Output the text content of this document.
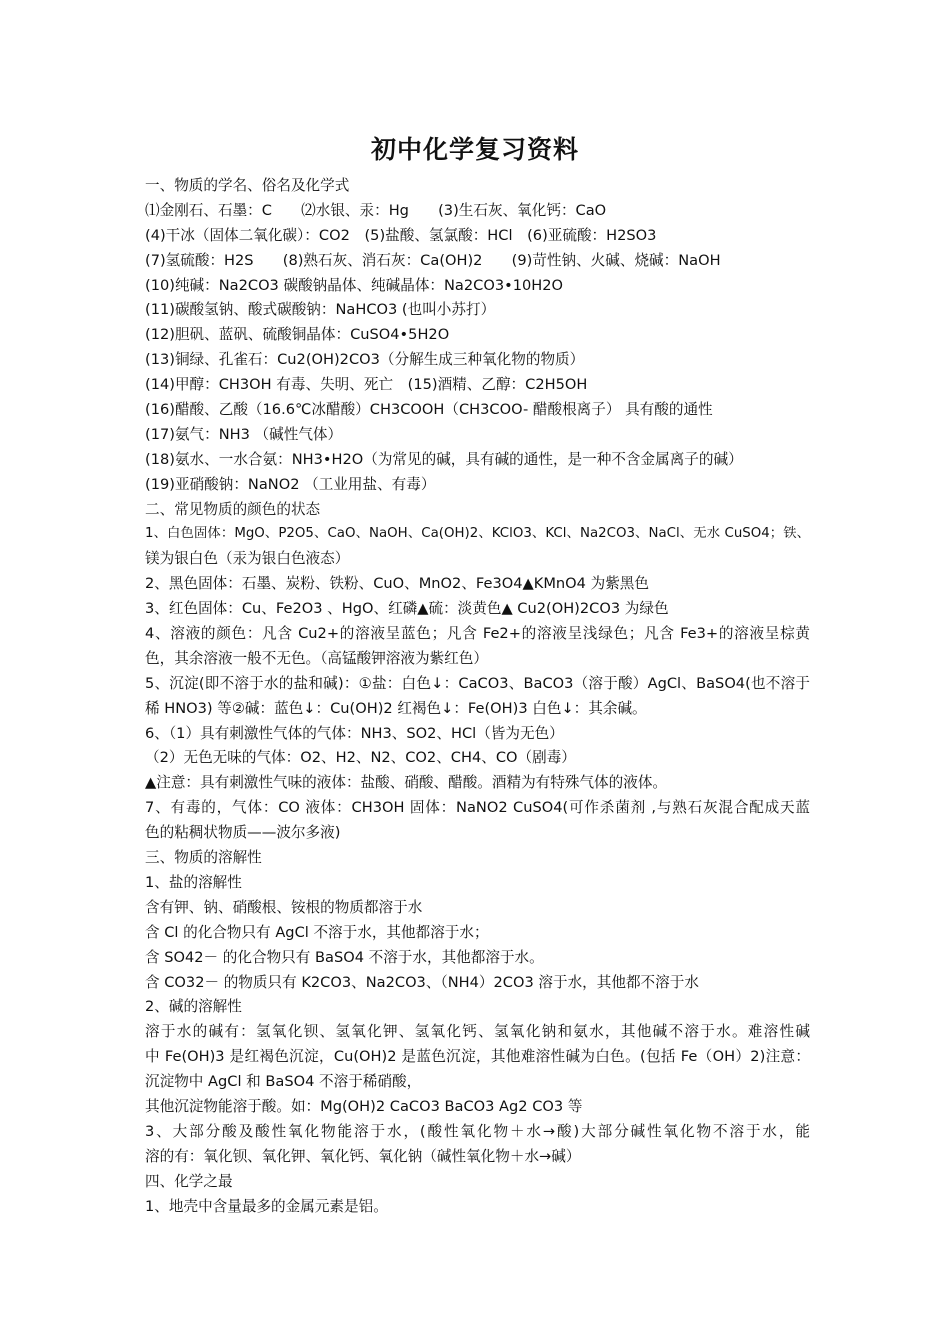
初中化学复习资料
一、物质的学名、俗名及化学式
⑴金刚石、石墨：C　　⑵水银、汞：Hg　　(3)生石灰、氧化钙：CaO
(4)干冰（固体二氧化碳）：CO2　(5)盐酸、氢氯酸：HCl　(6)亚硫酸：H2SO3
(7)氢硫酸：H2S　　(8)熟石灰、消石灰：Ca(OH)2　　(9)苛性钠、火碱、烧碱：NaOH
(10)纯碱：Na2CO3 碳酸钠晶体、纯碱晶体：Na2CO3•10H2O
(11)碳酸氢钠、酸式碳酸钠：NaHCO3 (也叫小苏打）
(12)胆矾、蓝矾、硫酸铜晶体：CuSO4•5H2O
(13)铜绿、孔雀石：Cu2(OH)2CO3（分解生成三种氧化物的物质）
(14)甲醇：CH3OH 有毒、失明、死亡　(15)酒精、乙醇：C2H5OH
(16)醋酸、乙酸（16.6℃冰醋酸）CH3COOH（CH3COO- 醋酸根离子） 具有酸的通性
(17)氨气：NH3 （碱性气体）
(18)氨水、一水合氨：NH3•H2O（为常见的碱，具有碱的通性，是一种不含金属离子的碱）
(19)亚硝酸钠：NaNO2 （工业用盐、有毒）
二、常见物质的颜色的状态
1、白色固体：MgO、P2O5、CaO、NaOH、Ca(OH)2、KClO3、KCl、Na2CO3、NaCl、无水 CuSO4；铁、
镁为银白色（汞为银白色液态）
2、黑色固体：石墨、炭粉、铁粉、CuO、MnO2、Fe3O4▲KMnO4 为紫黑色
3、红色固体：Cu、Fe2O3 、HgO、红磷▲硫：淡黄色▲ Cu2(OH)2CO3 为绿色
4、溶液的颜色：凡含 Cu2+的溶液呈蓝色；凡含 Fe2+的溶液呈浅绿色；凡含 Fe3+的溶液呈棕黄
色，其余溶液一般不无色。（高锰酸钾溶液为紫红色）
5、沉淀(即不溶于水的盐和碱)：①盐：白色↓：CaCO3、BaCO3（溶于酸）AgCl、BaSO4(也不溶于
稀 HNO3) 等②碱：蓝色↓：Cu(OH)2 红褐色↓：Fe(OH)3 白色↓：其余碱。
6、（1）具有刺激性气体的气体：NH3、SO2、HCl（皆为无色）
（2）无色无味的气体：O2、H2、N2、CO2、CH4、CO（剧毒）
▲注意：具有刺激性气味的液体：盐酸、硝酸、醋酸。酒精为有特殊气体的液体。
7、有毒的，气体：CO 液体：CH3OH 固体：NaNO2 CuSO4(可作杀菌剂 ,与熟石灰混合配成天蓝
色的粘稠状物质——波尔多液)
三、物质的溶解性
1、盐的溶解性
含有钾、钠、硝酸根、铵根的物质都溶于水
含 Cl 的化合物只有 AgCl 不溶于水，其他都溶于水；
含 SO42－ 的化合物只有 BaSO4 不溶于水，其他都溶于水。
含 CO32－ 的物质只有 K2CO3、Na2CO3、（NH4）2CO3 溶于水，其他都不溶于水
2、碱的溶解性
溶于水的碱有：氢氧化钡、氢氧化钾、氢氧化钙、氢氧化钠和氨水，其他碱不溶于水。难溶性碱
中 Fe(OH)3 是红褐色沉淀，Cu(OH)2 是蓝色沉淀，其他难溶性碱为白色。(包括 Fe（OH）2)注意：
沉淀物中 AgCl 和 BaSO4 不溶于稀硝酸，
其他沉淀物能溶于酸。如：Mg(OH)2 CaCO3 BaCO3 Ag2 CO3 等
3、大部分酸及酸性氧化物能溶于水，(酸性氧化物＋水→酸)大部分碱性氧化物不溶于水，能
溶的有：氧化钡、氧化钾、氧化钙、氧化钠（碱性氧化物＋水→碱）
四、化学之最
1、地壳中含量最多的金属元素是铝。
